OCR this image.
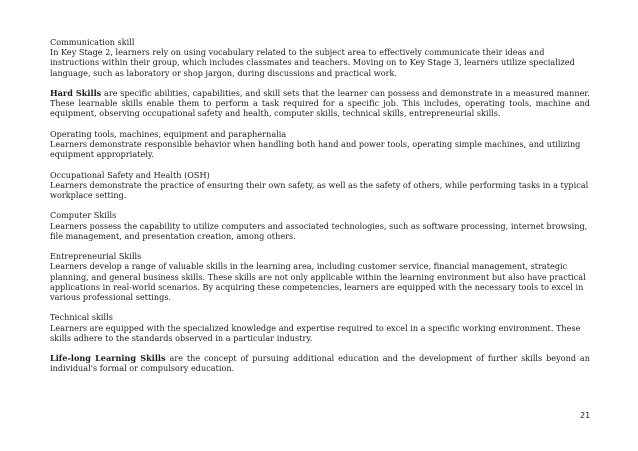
Communication skill
In Key Stage 2, learners rely on using vocabulary related to the subject area to effectively communicate their ideas and instructions within their group, which includes classmates and teachers. Moving on to Key Stage 3, learners utilize specialized language, such as laboratory or shop jargon, during discussions and practical work.
Hard Skills are specific abilities, capabilities, and skill sets that the learner can possess and demonstrate in a measured manner. These learnable skills enable them to perform a task required for a specific job. This includes, operating tools, machine and equipment, observing occupational safety and health, computer skills, technical skills, entrepreneurial skills.
Operating tools, machines, equipment and paraphernalia
Learners demonstrate responsible behavior when handling both hand and power tools, operating simple machines, and utilizing equipment appropriately.
Occupational Safety and Health (OSH)
Learners demonstrate the practice of ensuring their own safety, as well as the safety of others, while performing tasks in a typical workplace setting.
Computer Skills
Learners possess the capability to utilize computers and associated technologies, such as software processing, internet browsing, file management, and presentation creation, among others.
Entrepreneurial Skills
Learners develop a range of valuable skills in the learning area, including customer service, financial management, strategic planning, and general business skills. These skills are not only applicable within the learning environment but also have practical applications in real-world scenarios. By acquiring these competencies, learners are equipped with the necessary tools to excel in various professional settings.
Technical skills
Learners are equipped with the specialized knowledge and expertise required to excel in a specific working environment. These skills adhere to the standards observed in a particular industry.
Life-long Learning Skills are the concept of pursuing additional education and the development of further skills beyond an individual's formal or compulsory education.
21
